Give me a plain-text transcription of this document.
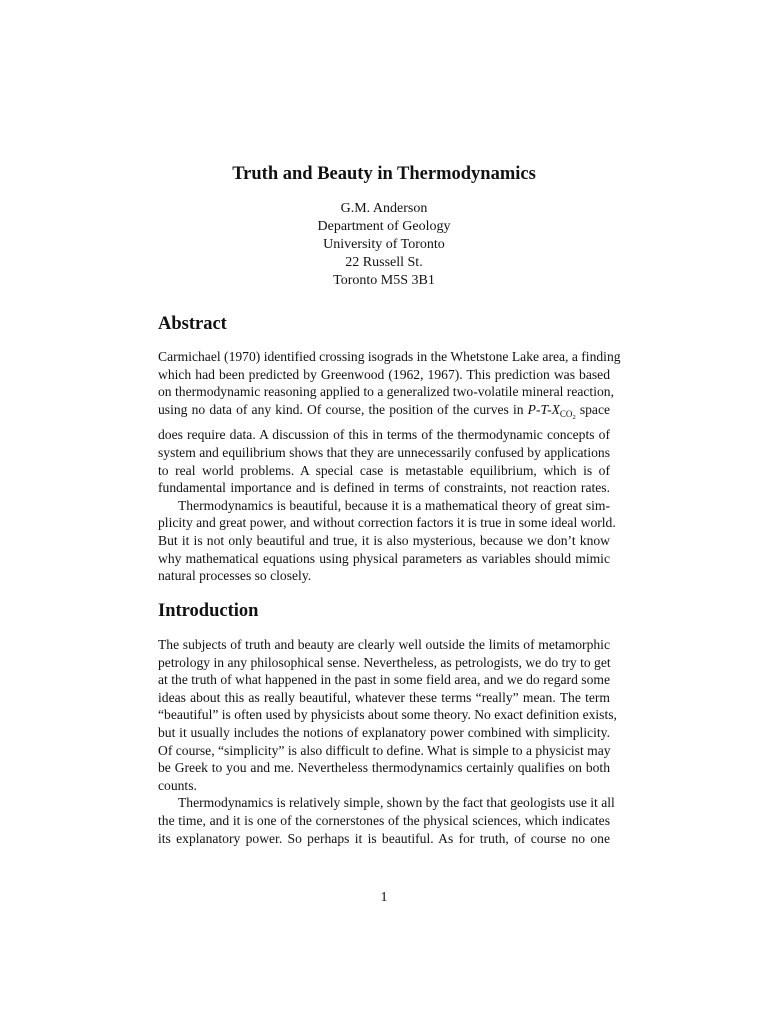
Truth and Beauty in Thermodynamics
G.M. Anderson
Department of Geology
University of Toronto
22 Russell St.
Toronto M5S 3B1
Abstract
Carmichael (1970) identified crossing isograds in the Whetstone Lake area, a finding
which had been predicted by Greenwood (1962, 1967). This prediction was based
on thermodynamic reasoning applied to a generalized two-volatile mineral reaction,
using no data of any kind. Of course, the position of the curves in $P-T-X_{CO_2}$ space
does require data. A discussion of this in terms of the thermodynamic concepts of
system and equilibrium shows that they are unnecessarily confused by applications
to real world problems. A special case is metastable equilibrium, which is of
fundamental importance and is defined in terms of constraints, not reaction rates.
Thermodynamics is beautiful, because it is a mathematical theory of great sim-
plicity and great power, and without correction factors it is true in some ideal world.
But it is not only beautiful and true, it is also mysterious, because we don’t know
why mathematical equations using physical parameters as variables should mimic
natural processes so closely.
Introduction
The subjects of truth and beauty are clearly well outside the limits of metamorphic
petrology in any philosophical sense. Nevertheless, as petrologists, we do try to get
at the truth of what happened in the past in some field area, and we do regard some
ideas about this as really beautiful, whatever these terms “really” mean. The term
“beautiful” is often used by physicists about some theory. No exact definition exists,
but it usually includes the notions of explanatory power combined with simplicity.
Of course, “simplicity” is also difficult to define. What is simple to a physicist may
be Greek to you and me. Nevertheless thermodynamics certainly qualifies on both
counts.
Thermodynamics is relatively simple, shown by the fact that geologists use it all
the time, and it is one of the cornerstones of the physical sciences, which indicates
its explanatory power. So perhaps it is beautiful. As for truth, of course no one
1
